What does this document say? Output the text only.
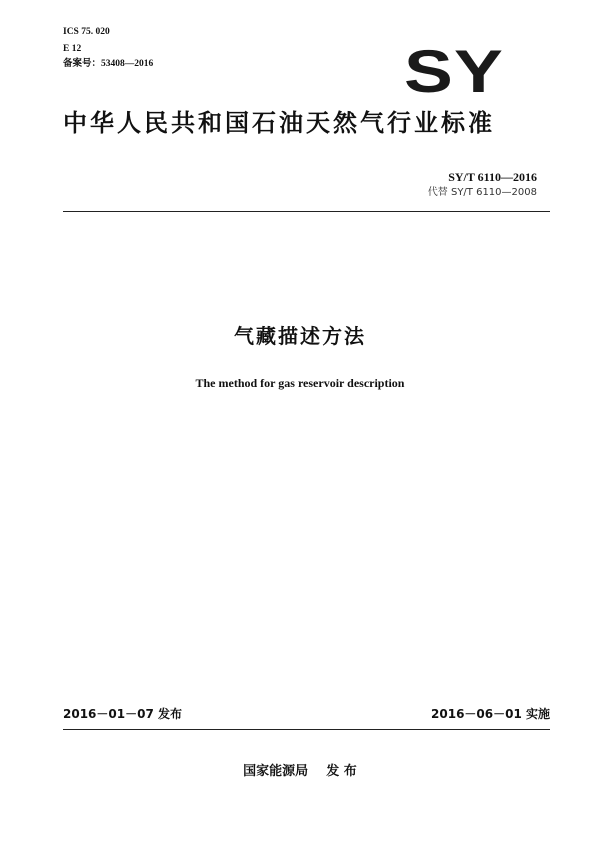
ICS 75. 020
E 12
备案号：53408—2016	SY
中华人民共和国石油天然气行业标准
SY/T 6110—2016
代替 SY/T 6110—2008
气藏描述方法
The method for gas reservoir description
2016－01－07 发布	2016－06－01 实施
国家能源局    发 布
